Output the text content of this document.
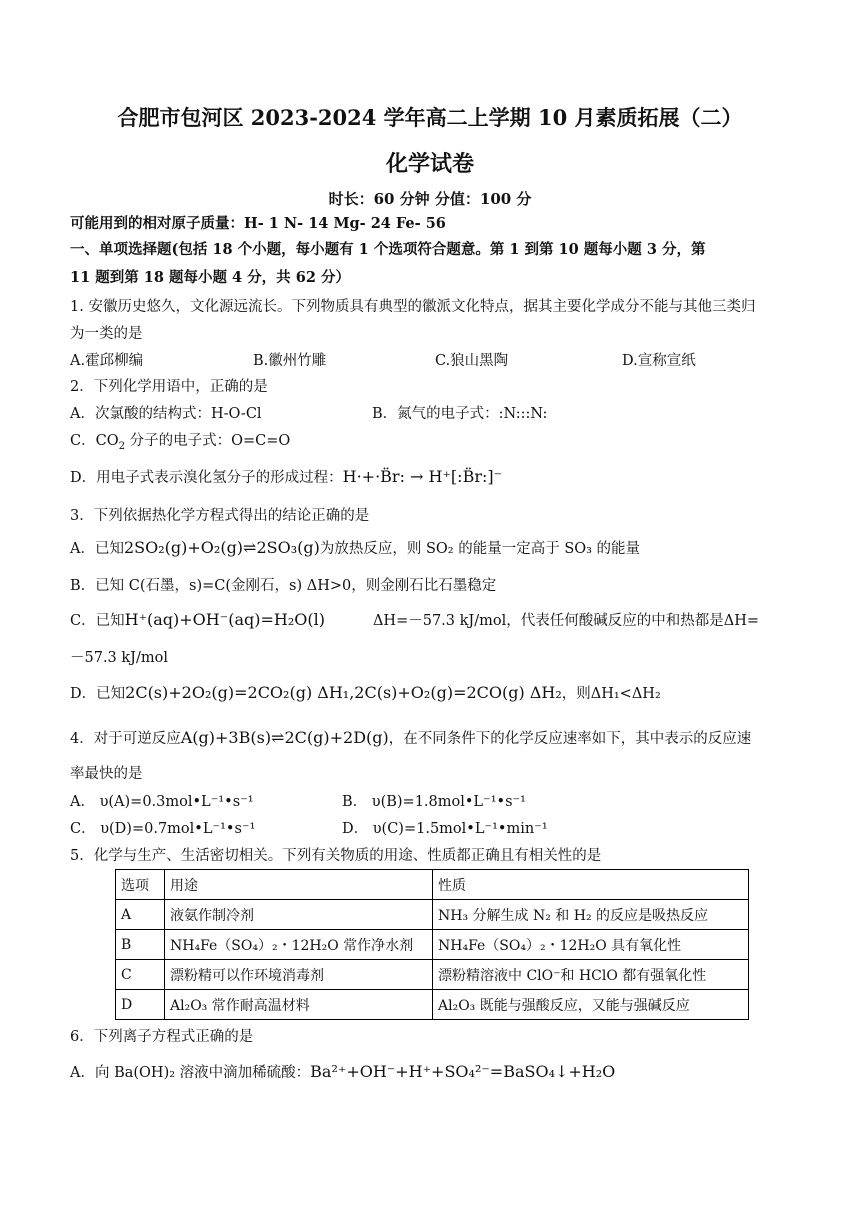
合肥市包河区 2023-2024 学年高二上学期 10 月素质拓展（二）
化学试卷
时长：60 分钟 分值：100 分
可能用到的相对原子质量：H- 1 N- 14 Mg- 24 Fe- 56
一、单项选择题(包括 18 个小题，每小题有 1 个选项符合题意。第 1 到第 10 题每小题 3 分，第
11 题到第 18 题每小题 4 分，共 62 分）
1. 安徽历史悠久，文化源远流长。下列物质具有典型的徽派文化特点，据其主要化学成分不能与其他三类归
为一类的是
A.霍邱柳编	B.徽州竹雕	C.狼山黑陶	D.宣称宣纸
2．下列化学用语中，正确的是
A．次氯酸的结构式：H-O-Cl	B．氮气的电子式：:N:::N:
C．$CO_2$ 分子的电子式：O=C=O
D．用电子式表示溴化氢分子的形成过程：H·+·B̈r: → H⁺[:B̈r:]⁻
3．下列依据热化学方程式得出的结论正确的是
A．已知2SO₂(g)+O₂(g)⇌2SO₃(g)为放热反应，则 SO₂ 的能量一定高于 SO₃ 的能量
B．已知 C(石墨，s)=C(金刚石，s) ΔH>0，则金刚石比石墨稳定
C．已知H⁺(aq)+OH⁻(aq)=H₂O(l)	ΔH=－57.3 kJ/mol，代表任何酸碱反应的中和热都是ΔH=
－57.3 kJ/mol
D．已知2C(s)+2O₂(g)=2CO₂(g) ΔH₁,2C(s)+O₂(g)=2CO(g) ΔH₂，则ΔH₁<ΔH₂
4．对于可逆反应A(g)+3B(s)⇌2C(g)+2D(g)，在不同条件下的化学反应速率如下，其中表示的反应速
率最快的是
A． υ(A)=0.3mol•L⁻¹•s⁻¹	B． υ(B)=1.8mol•L⁻¹•s⁻¹
C． υ(D)=0.7mol•L⁻¹•s⁻¹	D． υ(C)=1.5mol•L⁻¹•min⁻¹
5．化学与生产、生活密切相关。下列有关物质的用途、性质都正确且有相关性的是
选项	用途	性质
A	液氨作制冷剂	NH₃ 分解生成 N₂ 和 H₂ 的反应是吸热反应
B	NH₄Fe（SO₄）₂・12H₂O 常作净水剂	NH₄Fe（SO₄）₂・12H₂O 具有氧化性
C	漂粉精可以作环境消毒剂	漂粉精溶液中 ClO⁻和 HClO 都有强氧化性
D	Al₂O₃ 常作耐高温材料	Al₂O₃ 既能与强酸反应，又能与强碱反应
6．下列离子方程式正确的是
A．向 Ba(OH)₂ 溶液中滴加稀硫酸：Ba²⁺+OH⁻+H⁺+SO₄²⁻=BaSO₄↓+H₂O
